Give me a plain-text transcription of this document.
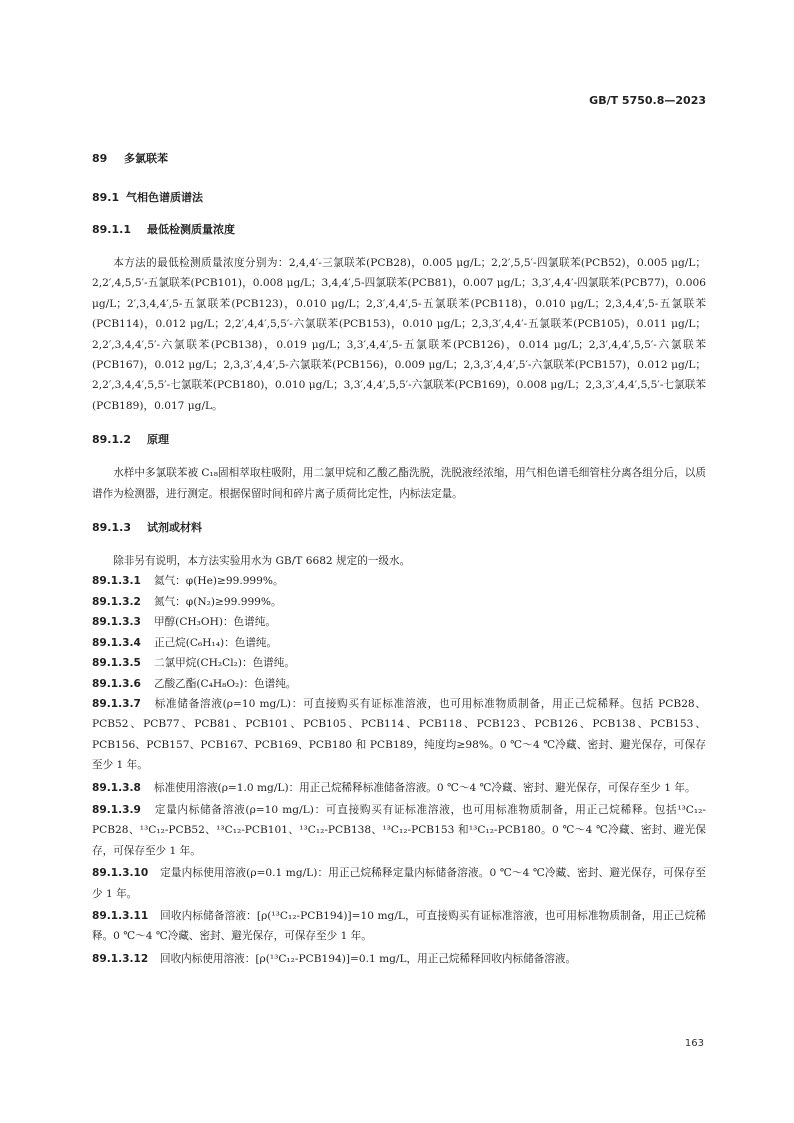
GB/T 5750.8—2023
89 多氯联苯
89.1 气相色谱质谱法
89.1.1 最低检测质量浓度

本方法的最低检测质量浓度分别为：2,4,4′-三氯联苯(PCB28)，0.005 μg/L；2,2′,5,5′-四氯联苯(PCB52)，0.005 μg/L；2,2′,4,5,5′-五氯联苯(PCB101)，0.008 μg/L；3,4,4′,5-四氯联苯(PCB81)，0.007 μg/L；3,3′,4,4′-四氯联苯(PCB77)，0.006 μg/L；2′,3,4,4′,5-五氯联苯(PCB123)，0.010 μg/L；2,3′,4,4′,5-五氯联苯(PCB118)，0.010 μg/L；2,3,4,4′,5-五氯联苯(PCB114)，0.012 μg/L；2,2′,4,4′,5,5′-六氯联苯(PCB153)，0.010 μg/L；2,3,3′,4,4′-五氯联苯(PCB105)，0.011 μg/L；2,2′,3,4,4′,5′-六氯联苯(PCB138)，0.019 μg/L；3,3′,4,4′,5-五氯联苯(PCB126)，0.014 μg/L；2,3′,4,4′,5,5′-六氯联苯(PCB167)，0.012 μg/L；2,3,3′,4,4′,5-六氯联苯(PCB156)，0.009 μg/L；2,3,3′,4,4′,5′-六氯联苯(PCB157)，0.012 μg/L；2,2′,3,4,4′,5,5′-七氯联苯(PCB180)，0.010 μg/L；3,3′,4,4′,5,5′-六氯联苯(PCB169)，0.008 μg/L；2,3,3′,4,4′,5,5′-七氯联苯(PCB189)，0.017 μg/L。

89.1.2 原理

水样中多氯联苯被 C₁₈固相萃取柱吸附，用二氯甲烷和乙酸乙酯洗脱，洗脱液经浓缩，用气相色谱毛细管柱分离各组分后，以质谱作为检测器，进行测定。根据保留时间和碎片离子质荷比定性，内标法定量。

89.1.3 试剂或材料

除非另有说明，本方法实验用水为 GB/T 6682 规定的一级水。

89.1.3.1 氦气：φ(He)≥99.999%。

89.1.3.2 氮气：φ(N₂)≥99.999%。

89.1.3.3 甲醇(CH₃OH)：色谱纯。

89.1.3.4 正己烷(C₆H₁₄)：色谱纯。

89.1.3.5 二氯甲烷(CH₂Cl₂)：色谱纯。

89.1.3.6 乙酸乙酯(C₄H₈O₂)：色谱纯。

89.1.3.7 标准储备溶液(ρ=10 mg/L)：可直接购买有证标准溶液，也可用标准物质制备，用正己烷稀释。包括 PCB28、PCB52、PCB77、PCB81、PCB101、PCB105、PCB114、PCB118、PCB123、PCB126、PCB138、PCB153、PCB156、PCB157、PCB167、PCB169、PCB180 和 PCB189，纯度均≥98%。0 ℃～4 ℃冷藏、密封、避光保存，可保存至少 1 年。

89.1.3.8 标准使用溶液(ρ=1.0 mg/L)：用正己烷稀释标准储备溶液。0 ℃～4 ℃冷藏、密封、避光保存，可保存至少 1 年。

89.1.3.9 定量内标储备溶液(ρ=10 mg/L)：可直接购买有证标准溶液，也可用标准物质制备，用正己烷稀释。包括¹³C₁₂-PCB28、¹³C₁₂-PCB52、¹³C₁₂-PCB101、¹³C₁₂-PCB138、¹³C₁₂-PCB153 和¹³C₁₂-PCB180。0 ℃～4 ℃冷藏、密封、避光保存，可保存至少 1 年。

89.1.3.10 定量内标使用溶液(ρ=0.1 mg/L)：用正己烷稀释定量内标储备溶液。0 ℃～4 ℃冷藏、密封、避光保存，可保存至少 1 年。

89.1.3.11 回收内标储备溶液：[ρ(¹³C₁₂-PCB194)]=10 mg/L，可直接购买有证标准溶液，也可用标准物质制备，用正己烷稀释。0 ℃～4 ℃冷藏、密封、避光保存，可保存至少 1 年。

89.1.3.12 回收内标使用溶液：[ρ(¹³C₁₂-PCB194)]=0.1 mg/L，用正己烷稀释回收内标储备溶液。

163
